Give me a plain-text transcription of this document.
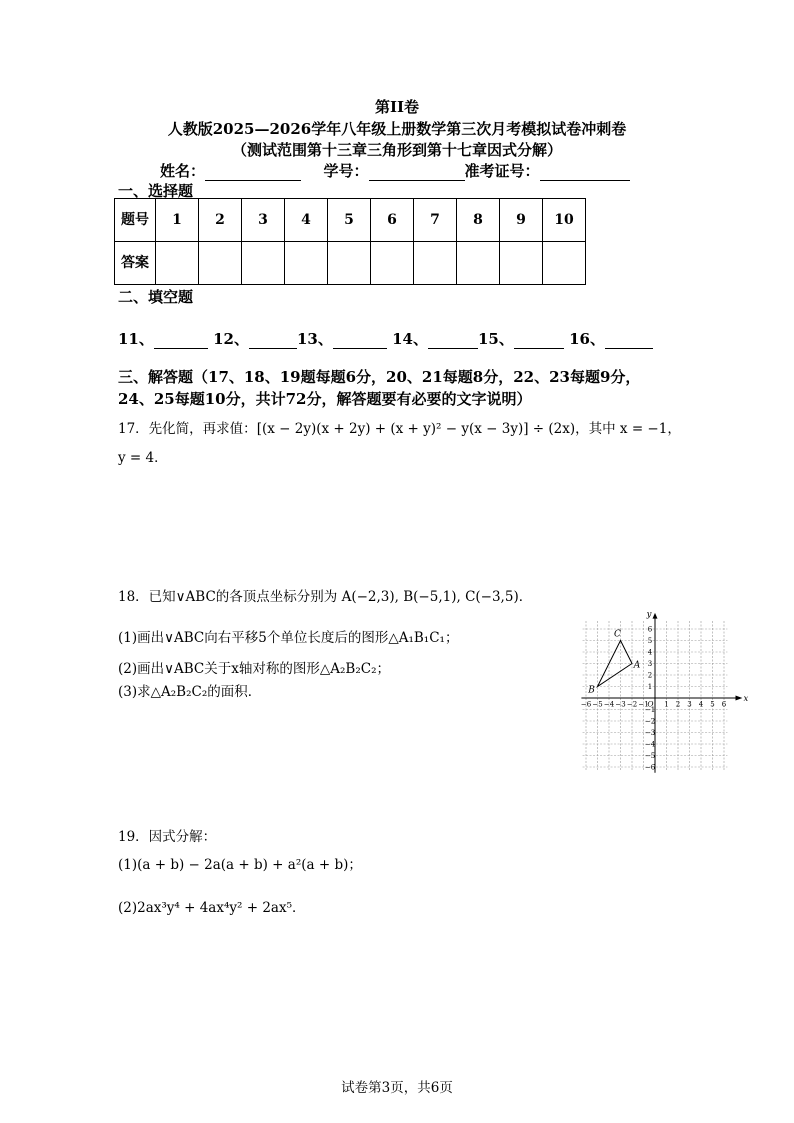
第II卷
人教版2025—2026学年八年级上册数学第三次月考模拟试卷冲刺卷
（测试范围第十三章三角形到第十七章因式分解）
姓名：	学号：	准考证号：
一、选择题
题号	1	2	3	4	5	6	7	8	9	10
答案										
二、填空题
11、	12、	13、	14、	15、	16、
三、解答题（17、18、19题每题6分，20、21每题8分，22、23每题9分，
24、25每题10分，共计72分，解答题要有必要的文字说明）
17．先化简，再求值：[(x − 2y)(x + 2y) + (x + y)² − y(x − 3y)] ÷ (2x)，其中 x = −1，
y = 4．
18．已知∨ABC的各顶点坐标分别为 A(−2,3), B(−5,1), C(−3,5)．
(1)画出∨ABC向右平移5个单位长度后的图形△A₁B₁C₁；
(2)画出∨ABC关于x轴对称的图形△A₂B₂C₂；
(3)求△A₂B₂C₂的面积．	x
y
O
−6 −5 −4 −3 −2 −1 1 2 3 4 5 6
6
5
4
3
2
1
−1
−2
−3
−4
−5
−6
A
B
C
19．因式分解：
(1)(a + b) − 2a(a + b) + a²(a + b)；
(2)2ax³y⁴ + 4ax⁴y² + 2ax⁵．
试卷第3页，共6页
